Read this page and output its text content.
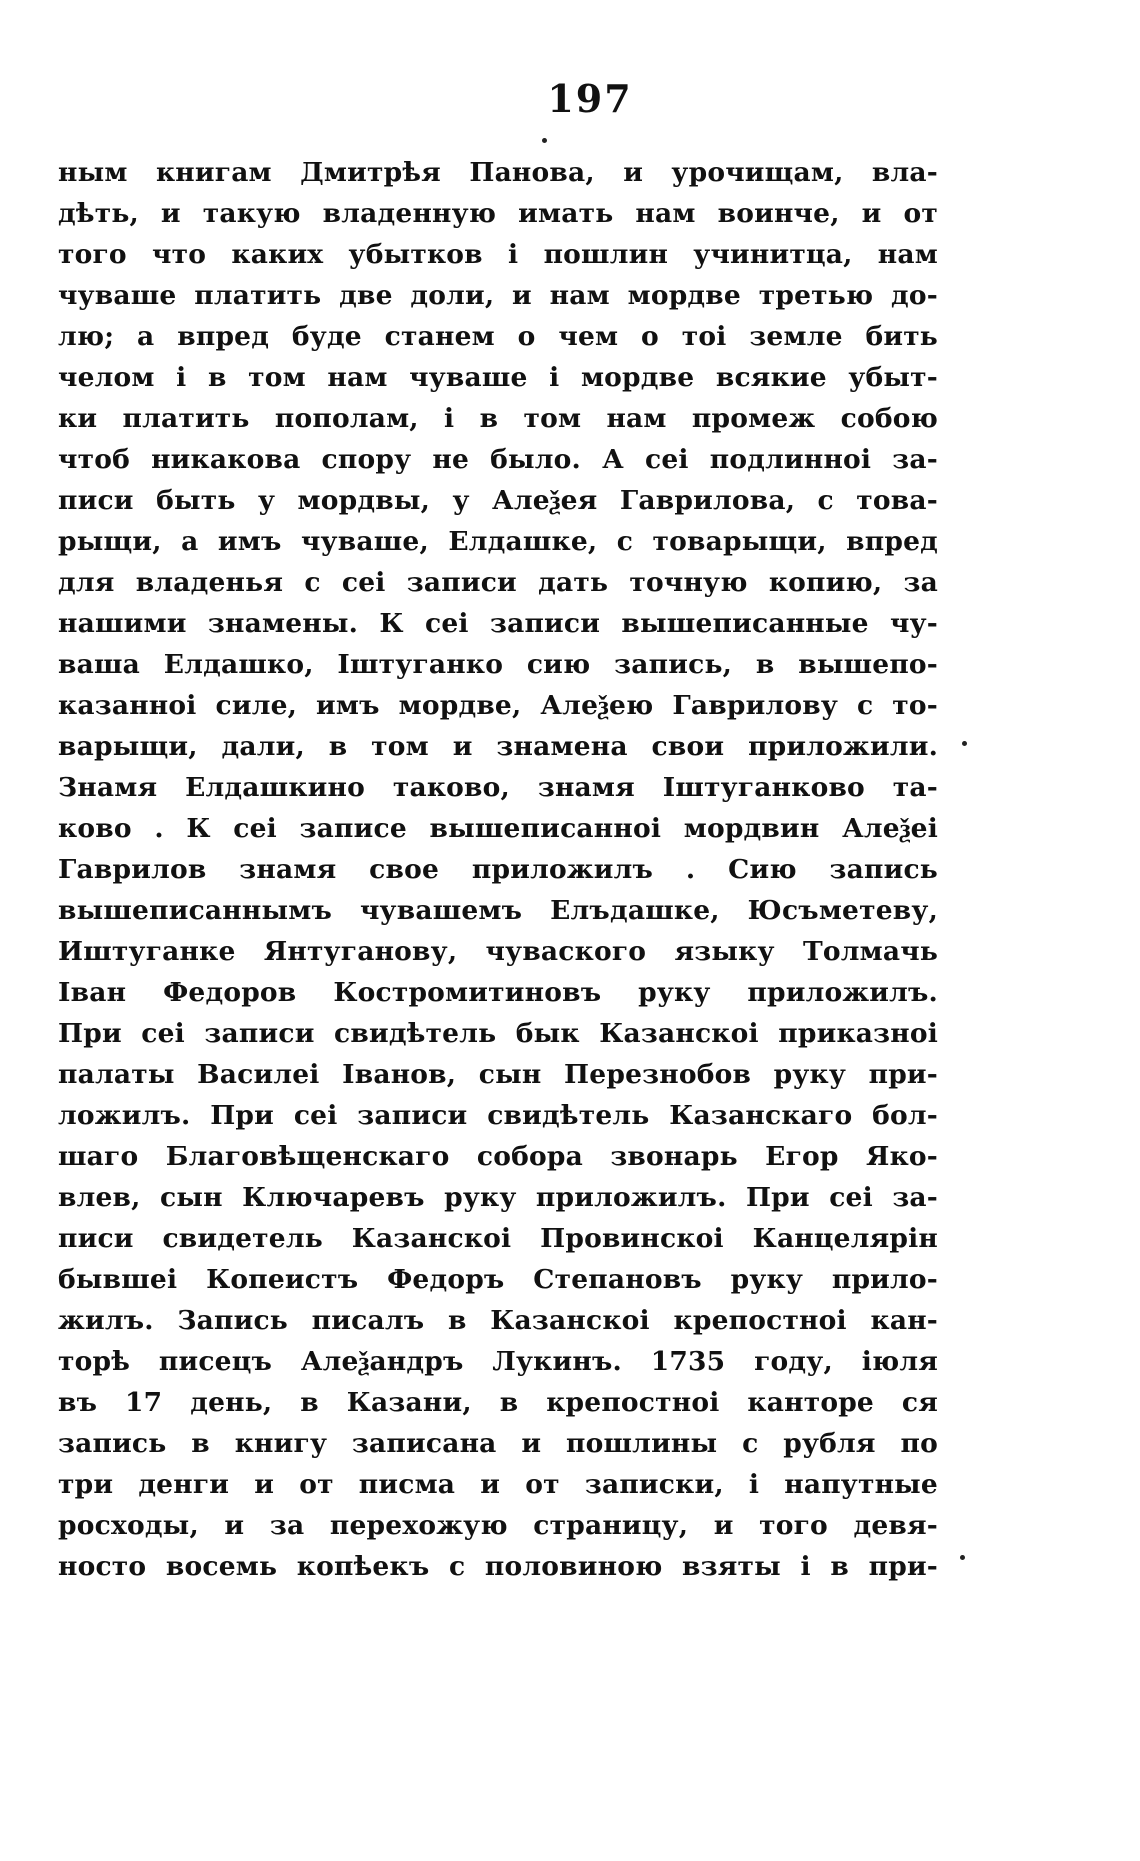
197
ным книгам Дмитрѣя Панова, и урочищам, вла-
дѣть, и такую владенную имать нам воинче, и от
того что каких убытков і пошлин учинитца, нам
чуваше платить две доли, и нам мордве третью до-
лю; а впред буде станем о чем о тоі земле бить
челом і в том нам чуваше і мордве всякие убыт-
ки платить пополам, і в том нам промеж собою
чтоб никакова спору не было. А сеі подлинноі за-
писи быть у мордвы, у Алеѯея Гаврилова, с това-
рыщи, а имъ чуваше, Елдашке, с товарыщи, впред
для владенья с сеі записи дать точную копию, за
нашими знамены. К сеі записи вышеписанные чу-
ваша Елдашко, Іштуганко сию запись, в вышепо-
казанноі силе, имъ мордве, Алеѯею Гаврилову с то-
варыщи, дали, в том и знамена свои приложили.
Знамя Елдашкино таково, знамя Іштуганково та-
ково . К сеі записе вышеписанноі мордвин Алеѯеі
Гаврилов знамя свое приложилъ . Сию запись
вышеписаннымъ чувашемъ Елъдашке, Юсъметеву,
Иштуганке Янтуганову, чуваского языку Толмачь
Іван Федоров Костромитиновъ руку приложилъ.
При сеі записи свидѣтель бык Казанскоі приказноі
палаты Василеі Іванов, сын Перезнобов руку при-
ложилъ. При сеі записи свидѣтель Казанскаго бол-
шаго Благовѣщенскаго собора звонарь Егор Яко-
влев, сын Ключаревъ руку приложилъ. При сеі за-
писи свидетель Казанскоі Провинскоі Канцелярін
бывшеі Копеистъ Федоръ Степановъ руку прило-
жилъ. Запись писалъ в Казанскоі крепостноі кан-
торѣ писецъ Алеѯандръ Лукинъ. 1735 году, іюля
въ 17 день, в Казани, в крепостноі канторе ся
запись в книгу записана и пошлины с рубля по
три денги и от писма и от записки, і напутные
росходы, и за перехожую страницу, и того девя-
носто восемь копѣекъ с половиною взяты і в при-
